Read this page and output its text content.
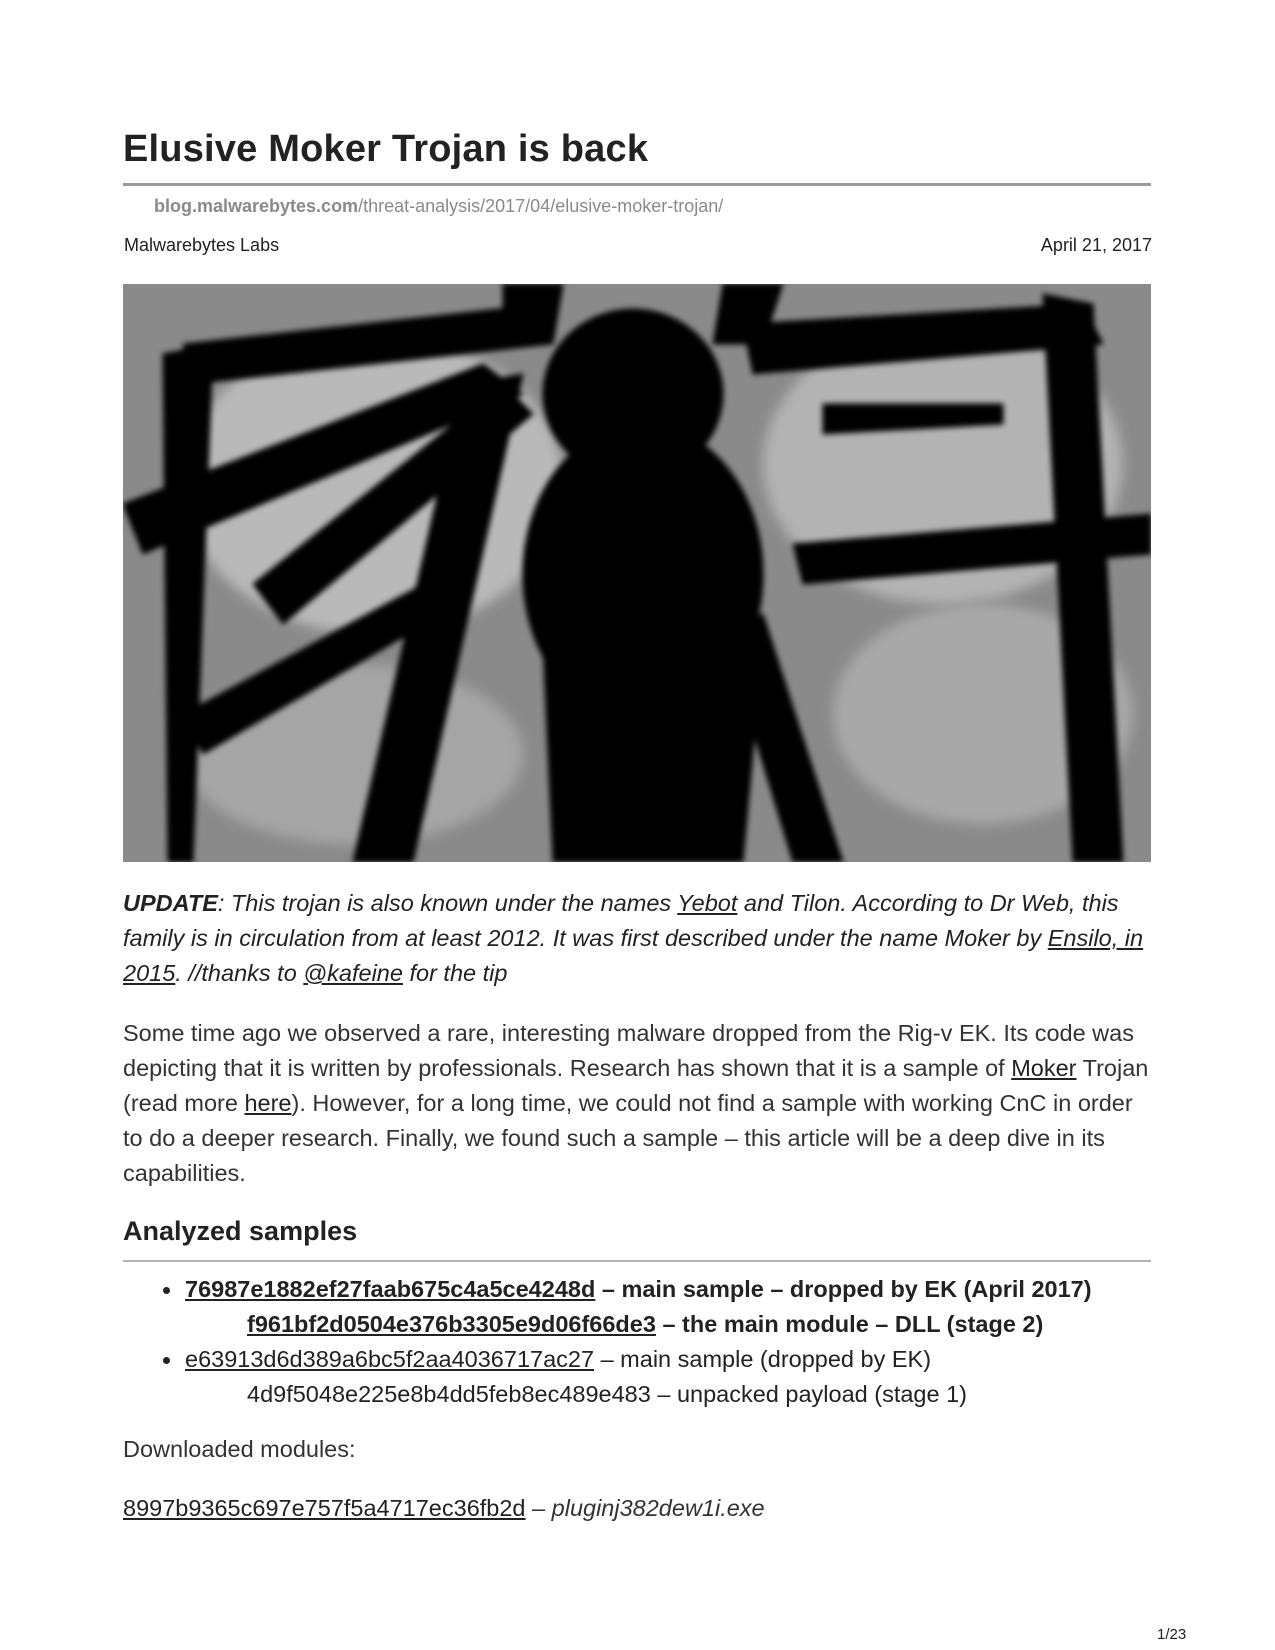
Elusive Moker Trojan is back
blog.malwarebytes.com/threat-analysis/2017/04/elusive-moker-trojan/
Malwarebytes Labs	April 21, 2017
UPDATE: This trojan is also known under the names Yebot and Tilon. According to Dr Web, this family is in circulation from at least 2012. It was first described under the name Moker by Ensilo, in 2015. //thanks to @kafeine for the tip
Some time ago we observed a rare, interesting malware dropped from the Rig-v EK. Its code was depicting that it is written by professionals. Research has shown that it is a sample of Moker Trojan (read more here). However, for a long time, we could not find a sample with working CnC in order to do a deeper research. Finally, we found such a sample – this article will be a deep dive in its capabilities.
Analyzed samples
76987e1882ef27faab675c4a5ce4248d – main sample – dropped by EK (April 2017)
f961bf2d0504e376b3305e9d06f66de3 – the main module – DLL (stage 2)
e63913d6d389a6bc5f2aa4036717ac27 – main sample (dropped by EK)
4d9f5048e225e8b4dd5feb8ec489e483 – unpacked payload (stage 1)
Downloaded modules:
8997b9365c697e757f5a4717ec36fb2d – pluginj382dew1i.exe
1/23
